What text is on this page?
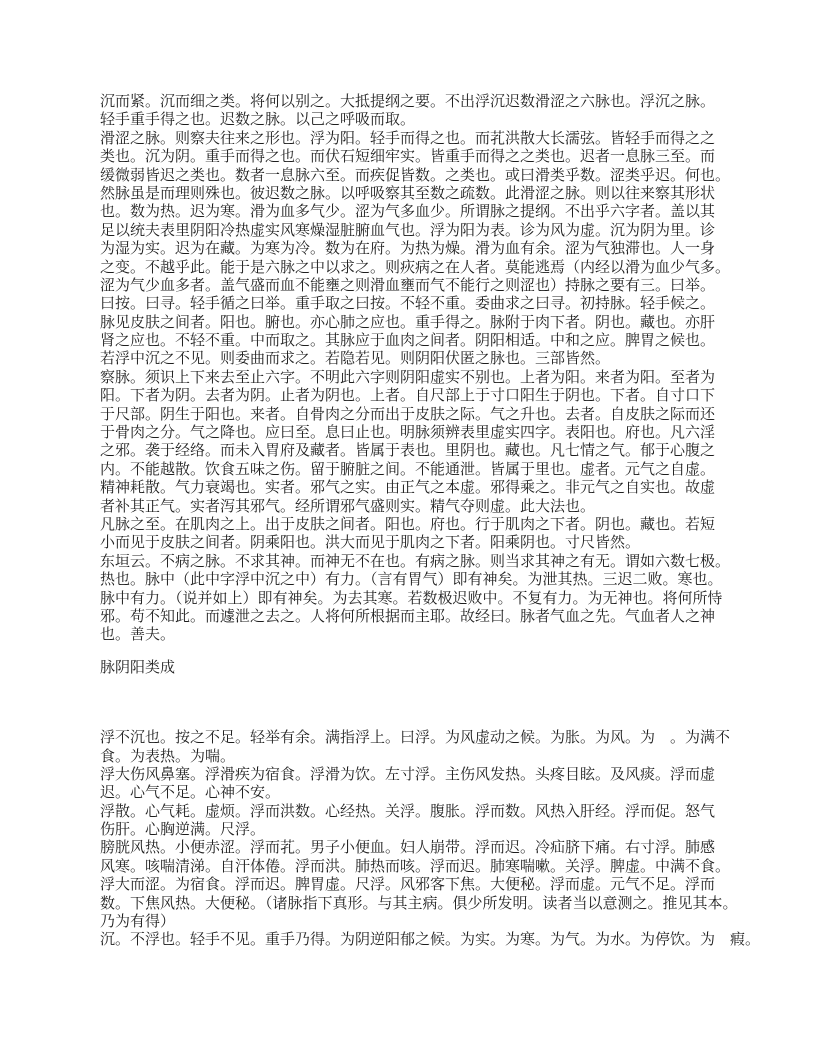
沉而紧。沉而细之类。将何以别之。大抵提纲之要。不出浮沉迟数滑涩之六脉也。浮沉之脉。
轻手重手得之也。迟数之脉。以己之呼吸而取。
滑涩之脉。则察夫往来之形也。浮为阳。轻手而得之也。而芤洪散大长濡弦。皆轻手而得之之
类也。沉为阴。重手而得之也。而伏石短细牢实。皆重手而得之之类也。迟者一息脉三至。而
缓微弱皆迟之类也。数者一息脉六至。而疾促皆数。之类也。或曰滑类乎数。涩类乎迟。何也。
然脉虽是而理则殊也。彼迟数之脉。以呼吸察其至数之疏数。此滑涩之脉。则以往来察其形状
也。数为热。迟为寒。滑为血多气少。涩为气多血少。所谓脉之提纲。不出乎六字者。盖以其
足以统夫表里阴阳冷热虚实风寒燥湿脏腑血气也。浮为阳为表。诊为风为虚。沉为阴为里。诊
为湿为实。迟为在藏。为寒为冷。数为在府。为热为燥。滑为血有余。涩为气独滞也。人一身
之变。不越乎此。能于是六脉之中以求之。则疢病之在人者。莫能逃焉（内经以滑为血少气多。
涩为气少血多者。盖气盛而血不能壅之则滑血壅而气不能行之则涩也）持脉之要有三。曰举。
曰按。曰寻。轻手循之曰举。重手取之曰按。不轻不重。委曲求之曰寻。初持脉。轻手候之。
脉见皮肤之间者。阳也。腑也。亦心肺之应也。重手得之。脉附于肉下者。阴也。藏也。亦肝
肾之应也。不轻不重。中而取之。其脉应于血肉之间者。阴阳相适。中和之应。脾胃之候也。
若浮中沉之不见。则委曲而求之。若隐若见。则阴阳伏匿之脉也。三部皆然。
察脉。须识上下来去至止六字。不明此六字则阴阳虚实不别也。上者为阳。来者为阳。至者为
阳。下者为阴。去者为阴。止者为阴也。上者。自尺部上于寸口阳生于阴也。下者。自寸口下
于尺部。阴生于阳也。来者。自骨肉之分而出于皮肤之际。气之升也。去者。自皮肤之际而还
于骨肉之分。气之降也。应曰至。息曰止也。明脉须辨表里虚实四字。表阳也。府也。凡六淫
之邪。袭于经络。而未入胃府及藏者。皆属于表也。里阴也。藏也。凡七情之气。郁于心腹之
内。不能越散。饮食五味之伤。留于腑脏之间。不能通泄。皆属于里也。虚者。元气之自虚。
精神耗散。气力衰竭也。实者。邪气之实。由正气之本虚。邪得乘之。非元气之自实也。故虚
者补其正气。实者泻其邪气。经所谓邪气盛则实。精气夺则虚。此大法也。
凡脉之至。在肌肉之上。出于皮肤之间者。阳也。府也。行于肌肉之下者。阴也。藏也。若短
小而见于皮肤之间者。阴乘阳也。洪大而见于肌肉之下者。阳乘阴也。寸尺皆然。
东垣云。不病之脉。不求其神。而神无不在也。有病之脉。则当求其神之有无。谓如六数七极。
热也。脉中（此中字浮中沉之中）有力。（言有胃气）即有神矣。为泄其热。三迟二败。寒也。
脉中有力。（说并如上）即有神矣。为去其寒。若数极迟败中。不复有力。为无神也。将何所恃
邪。苟不知此。而遽泄之去之。人将何所根据而主耶。故经曰。脉者气血之先。气血者人之神
也。善夫。
脉阴阳类成
浮不沉也。按之不足。轻举有余。满指浮上。曰浮。为风虚动之候。为胀。为风。为　。为满不
食。为表热。为喘。
浮大伤风鼻塞。浮滑疾为宿食。浮滑为饮。左寸浮。主伤风发热。头疼目眩。及风痰。浮而虚
迟。心气不足。心神不安。
浮散。心气耗。虚烦。浮而洪数。心经热。关浮。腹胀。浮而数。风热入肝经。浮而促。怒气
伤肝。心胸逆满。尺浮。
膀胱风热。小便赤涩。浮而芤。男子小便血。妇人崩带。浮而迟。冷疝脐下痛。右寸浮。肺感
风寒。咳喘清涕。自汗体倦。浮而洪。肺热而咳。浮而迟。肺寒喘嗽。关浮。脾虚。中满不食。
浮大而涩。为宿食。浮而迟。脾胃虚。尺浮。风邪客下焦。大便秘。浮而虚。元气不足。浮而
数。下焦风热。大便秘。（诸脉指下真形。与其主病。俱少所发明。读者当以意测之。推见其本。
乃为有得）
沉。不浮也。轻手不见。重手乃得。为阴逆阳郁之候。为实。为寒。为气。为水。为停饮。为　瘕。
